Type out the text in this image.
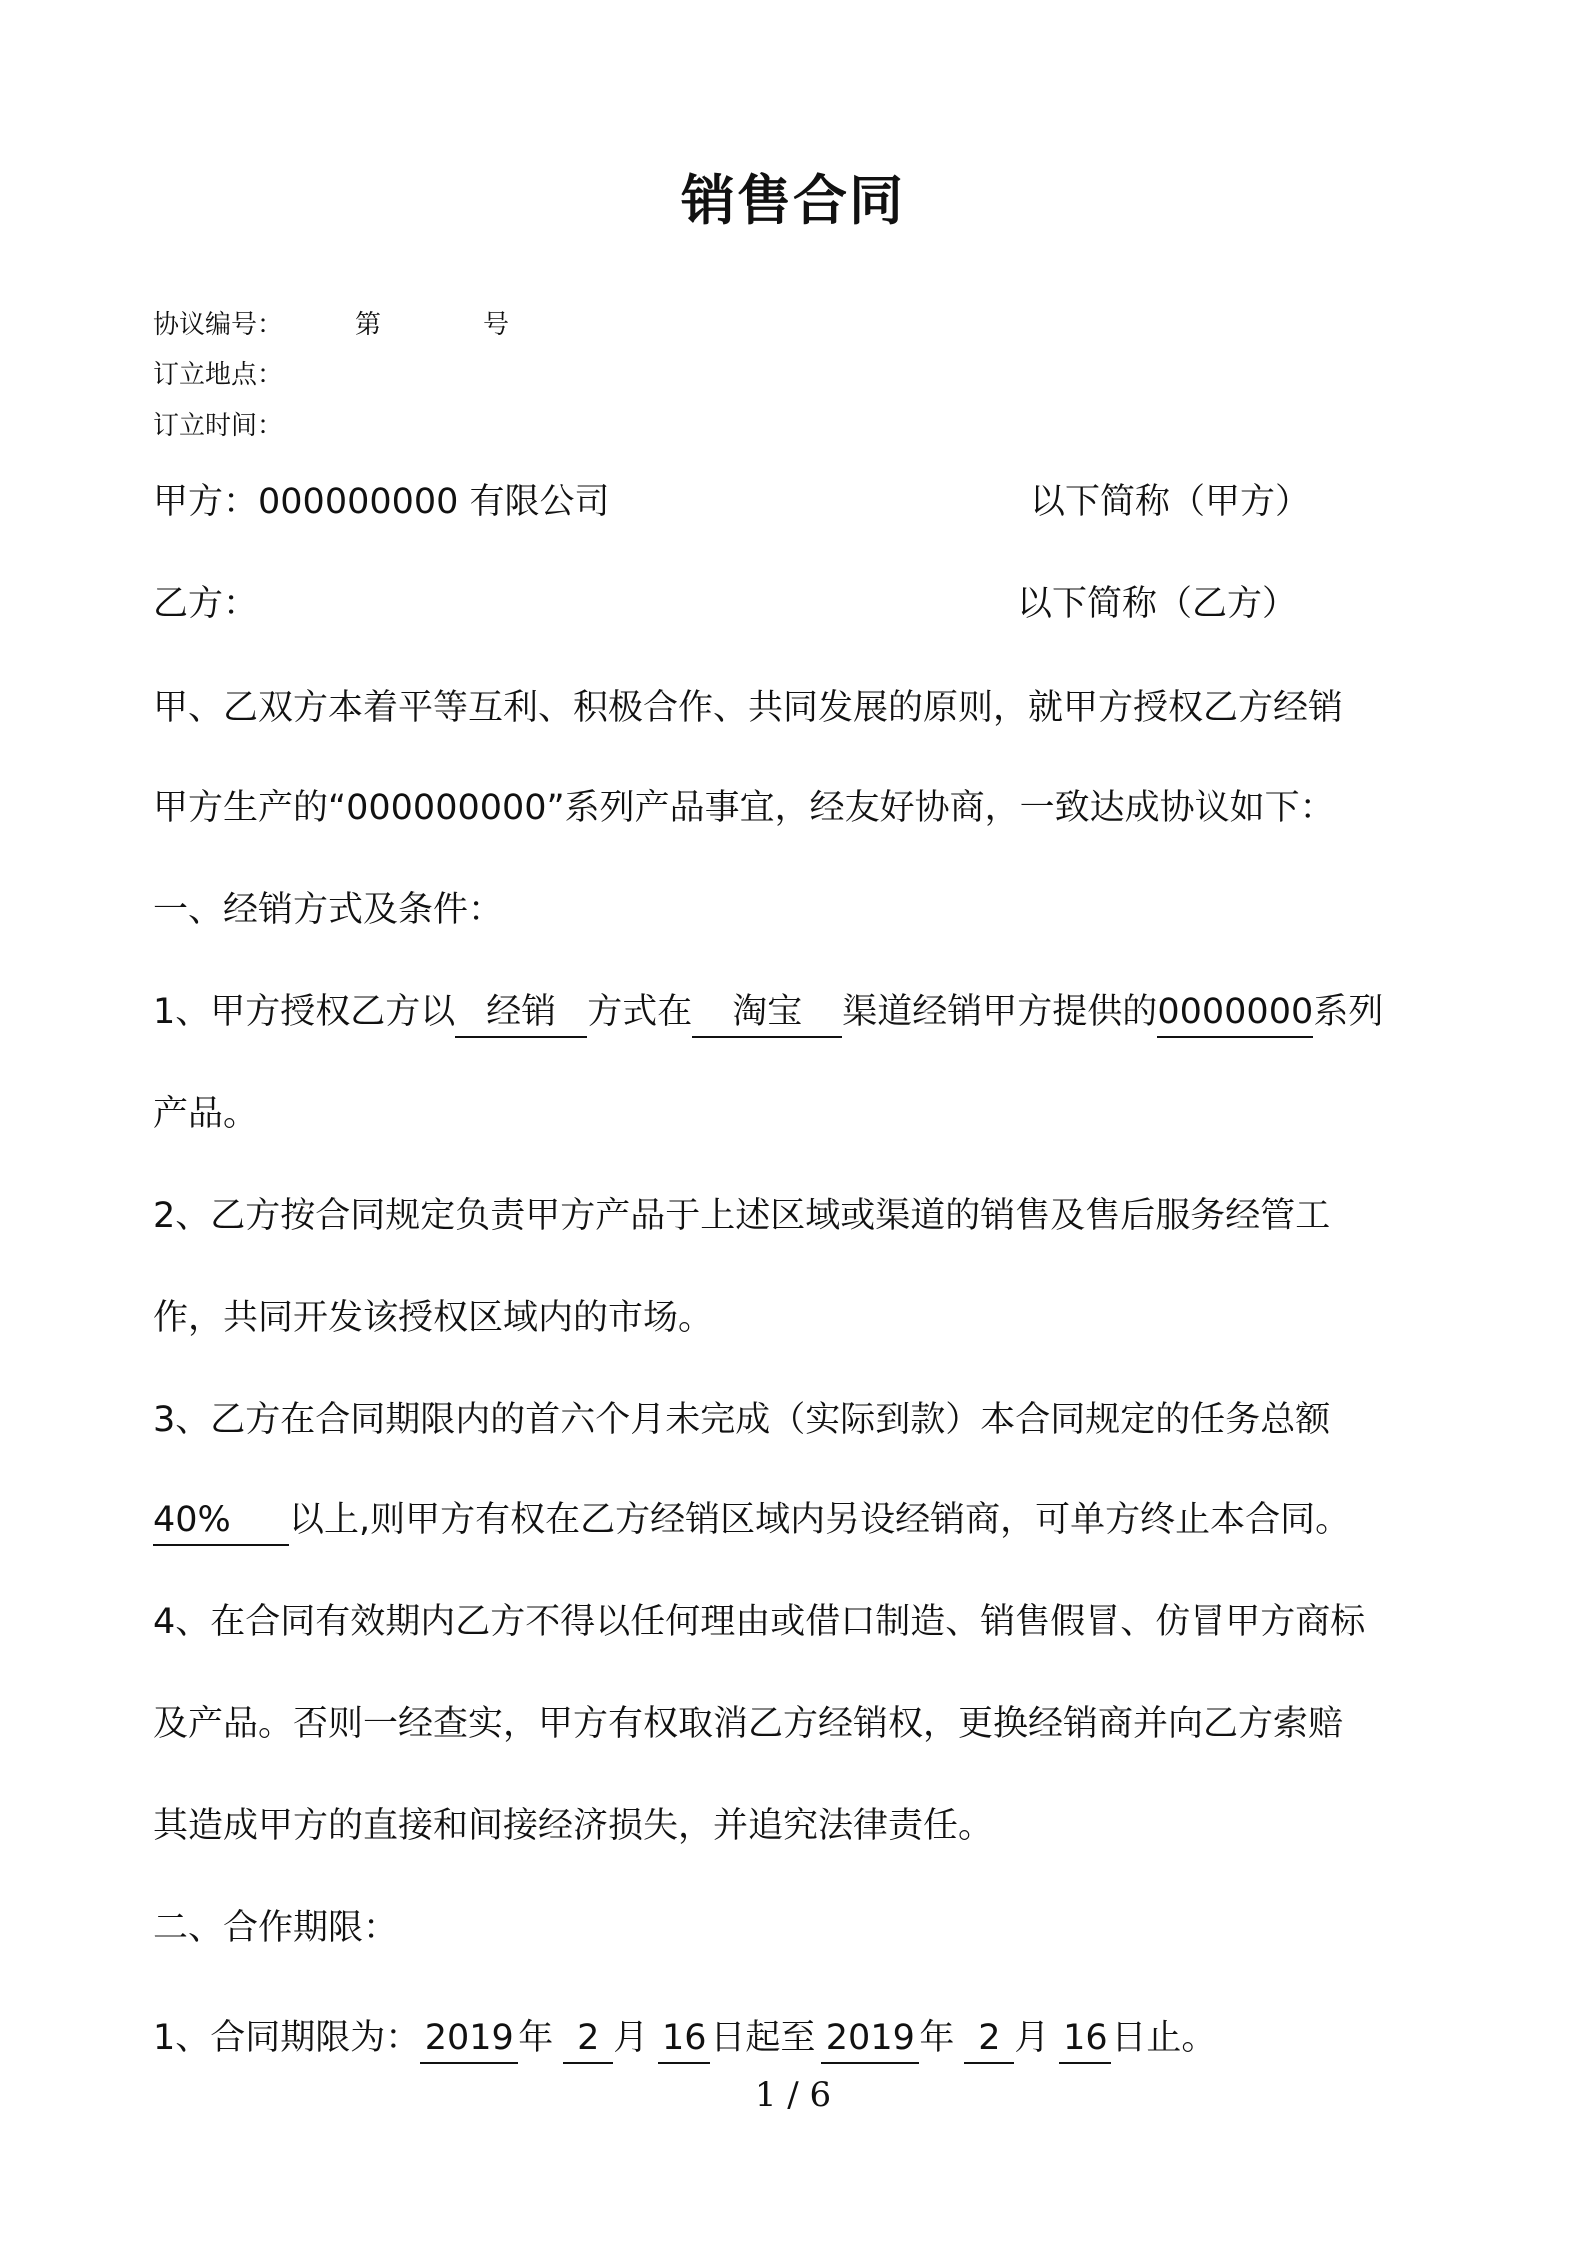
销售合同
协议编号：	第	号
订立地点：
订立时间：
甲方：000000000 有限公司	以下简称（甲方）
乙方：	以下简称（乙方）
甲、乙双方本着平等互利、积极合作、共同发展的原则，就甲方授权乙方经销
甲方生产的“000000000”系列产品事宜，经友好协商，一致达成协议如下：
一、经销方式及条件：
1、甲方授权乙方以 经销 方式在 淘宝 渠道经销甲方提供的0000000系列
产品。
2、乙方按合同规定负责甲方产品于上述区域或渠道的销售及售后服务经管工
作，共同开发该授权区域内的市场。
3、乙方在合同期限内的首六个月未完成（实际到款）本合同规定的任务总额
40% 以上,则甲方有权在乙方经销区域内另设经销商，可单方终止本合同。
4、在合同有效期内乙方不得以任何理由或借口制造、销售假冒、仿冒甲方商标
及产品。否则一经查实，甲方有权取消乙方经销权，更换经销商并向乙方索赔
其造成甲方的直接和间接经济损失，并追究法律责任。
二、合作期限：
1、合同期限为： 2019 年 2 月 16 日起至 2019 年 2 月 16 日止。
1 / 6
